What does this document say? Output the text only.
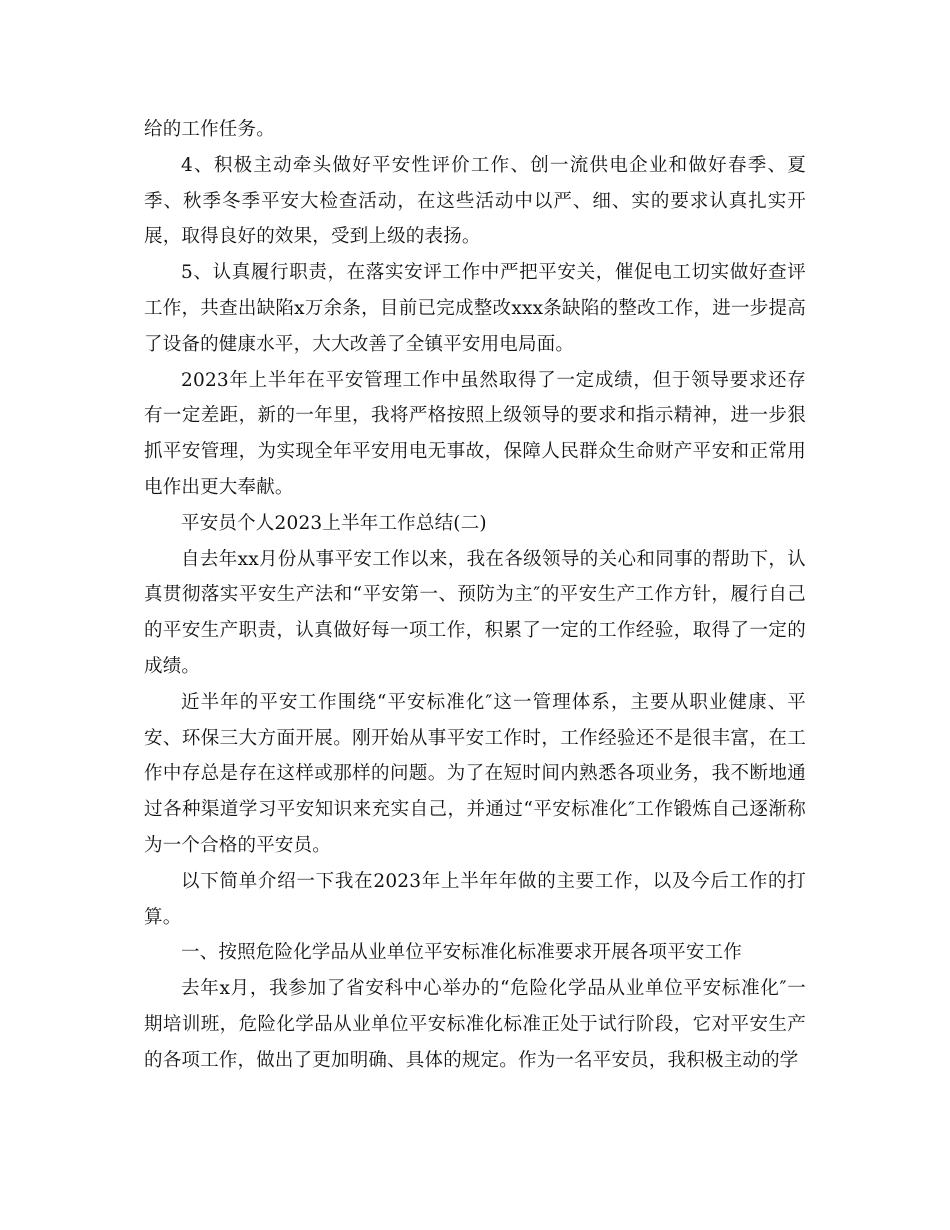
给的工作任务。

4、积极主动牵头做好平安性评价工作、创一流供电企业和做好春季、夏季、秋季冬季平安大检查活动，在这些活动中以严、细、实的要求认真扎实开展，取得良好的效果，受到上级的表扬。

5、认真履行职责，在落实安评工作中严把平安关，催促电工切实做好查评工作，共查出缺陷x万余条，目前已完成整改xxx条缺陷的整改工作，进一步提高了设备的健康水平，大大改善了全镇平安用电局面。

2023年上半年在平安管理工作中虽然取得了一定成绩，但于领导要求还存有一定差距，新的一年里，我将严格按照上级领导的要求和指示精神，进一步狠抓平安管理，为实现全年平安用电无事故，保障人民群众生命财产平安和正常用电作出更大奉献。

平安员个人2023上半年工作总结(二)

自去年xx月份从事平安工作以来，我在各级领导的关心和同事的帮助下，认真贯彻落实平安生产法和“平安第一、预防为主″的平安生产工作方针，履行自己的平安生产职责，认真做好每一项工作，积累了一定的工作经验，取得了一定的成绩。

近半年的平安工作围绕“平安标准化″这一管理体系，主要从职业健康、平安、环保三大方面开展。刚开始从事平安工作时，工作经验还不是很丰富，在工作中存总是存在这样或那样的问题。为了在短时间内熟悉各项业务，我不断地通过各种渠道学习平安知识来充实自己，并通过“平安标准化″工作锻炼自己逐渐称为一个合格的平安员。

以下简单介绍一下我在2023年上半年年做的主要工作，以及今后工作的打算。

一、按照危险化学品从业单位平安标准化标准要求开展各项平安工作

去年x月，我参加了省安科中心举办的“危险化学品从业单位平安标准化″一期培训班，危险化学品从业单位平安标准化标准正处于试行阶段，它对平安生产的各项工作，做出了更加明确、具体的规定。作为一名平安员，我积极主动的学
